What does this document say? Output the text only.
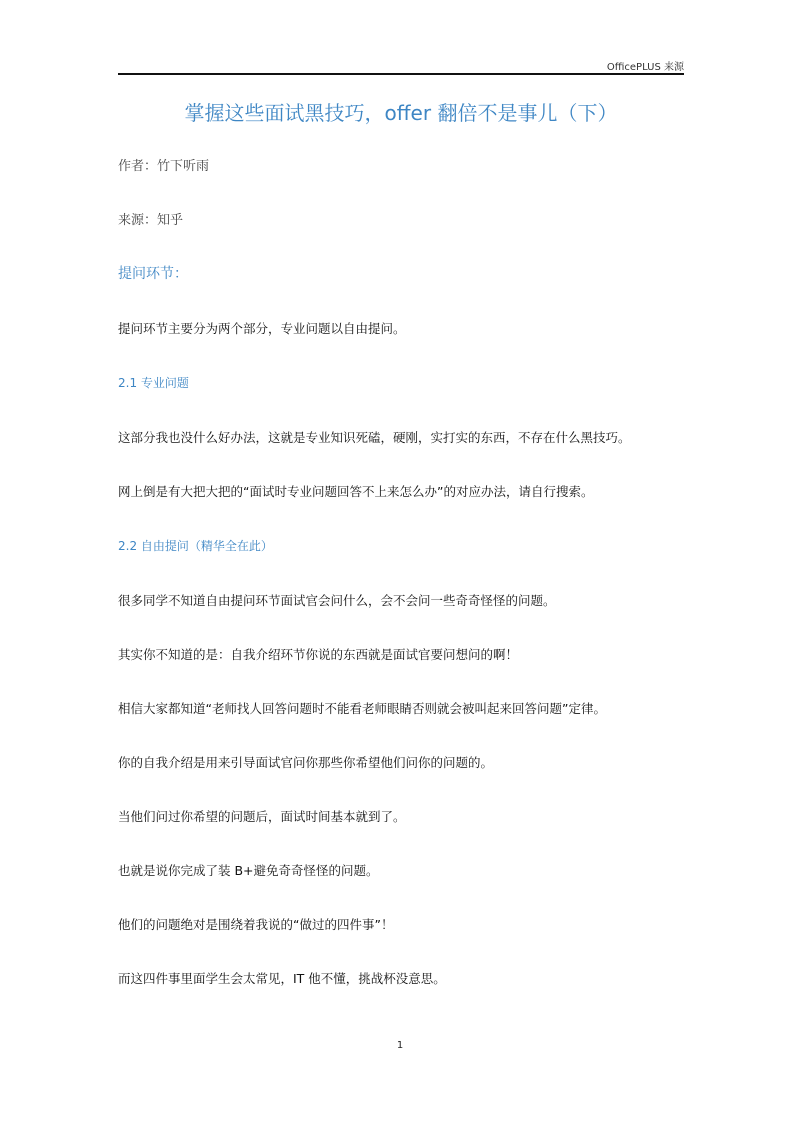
OfficePLUS 来源
掌握这些面试黑技巧，offer 翻倍不是事儿（下）
作者：竹下听雨
来源：知乎
提问环节：
提问环节主要分为两个部分，专业问题以自由提问。
2.1 专业问题
这部分我也没什么好办法，这就是专业知识死磕，硬刚，实打实的东西，不存在什么黑技巧。
网上倒是有大把大把的“面试时专业问题回答不上来怎么办”的对应办法，请自行搜索。
2.2 自由提问（精华全在此）
很多同学不知道自由提问环节面试官会问什么，会不会问一些奇奇怪怪的问题。
其实你不知道的是：自我介绍环节你说的东西就是面试官要问想问的啊！
相信大家都知道“老师找人回答问题时不能看老师眼睛否则就会被叫起来回答问题”定律。
你的自我介绍是用来引导面试官问你那些你希望他们问你的问题的。
当他们问过你希望的问题后，面试时间基本就到了。
也就是说你完成了装 B+避免奇奇怪怪的问题。
他们的问题绝对是围绕着我说的“做过的四件事”！
而这四件事里面学生会太常见，IT 他不懂，挑战杯没意思。
1
